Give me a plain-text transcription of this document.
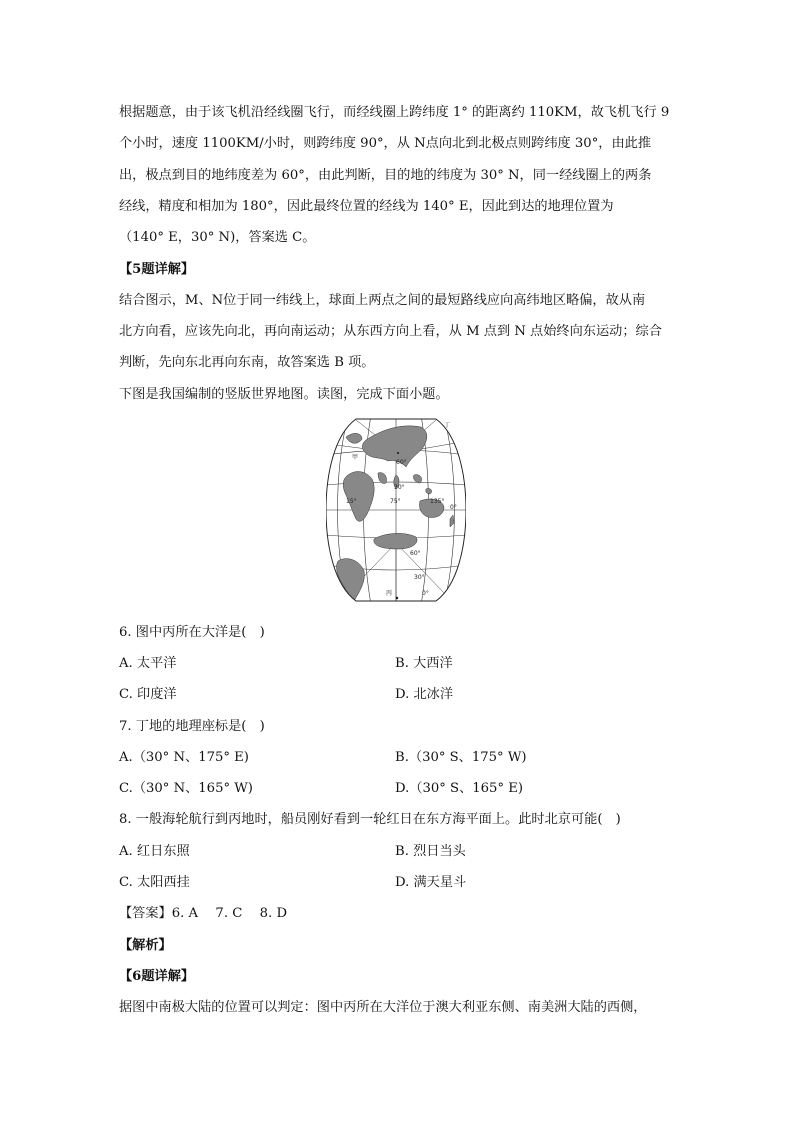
根据题意，由于该飞机沿经线圈飞行，而经线圈上跨纬度 1° 的距离约 110KM，故飞机飞行 9
个小时，速度 1100KM/小时，则跨纬度 90°，从 N点向北到北极点则跨纬度 30°，由此推
出，极点到目的地纬度差为 60°，由此判断，目的地的纬度为 30° N，同一经线圈上的两条
经线，精度和相加为 180°，因此最终位置的经线为 140° E，因此到达的地理位置为
（140° E，30° N)，答案选 C。
【5题详解】
结合图示，M、N位于同一纬线上，球面上两点之间的最短路线应向高纬地区略偏，故从南
北方向看，应该先向北，再向南运动；从东西方向上看，从 M 点到 N 点始终向东运动；综合
判断，先向东北再向东南，故答案选 B 项。
下图是我国编制的竖版世界地图。读图，完成下面小题。
甲
丁
60°
30°
15°	75°	135°
0°
60°
30°
0°
丙
6. 图中丙所在大洋是(　)
A. 太平洋	B. 大西洋
C. 印度洋	D. 北冰洋
7. 丁地的地理座标是(　)
A.（30° N、175° E)	B.（30° S、175° W)
C.（30° N、165° W)	D.（30° S、165° E)
8. 一般海轮航行到丙地时，船员刚好看到一轮红日在东方海平面上。此时北京可能(　)
A. 红日东照	B. 烈日当头
C. 太阳西挂	D. 满天星斗
【答案】6. A　 7. C　 8. D
【解析】
【6题详解】
据图中南极大陆的位置可以判定：图中丙所在大洋位于澳大利亚东侧、南美洲大陆的西侧，
